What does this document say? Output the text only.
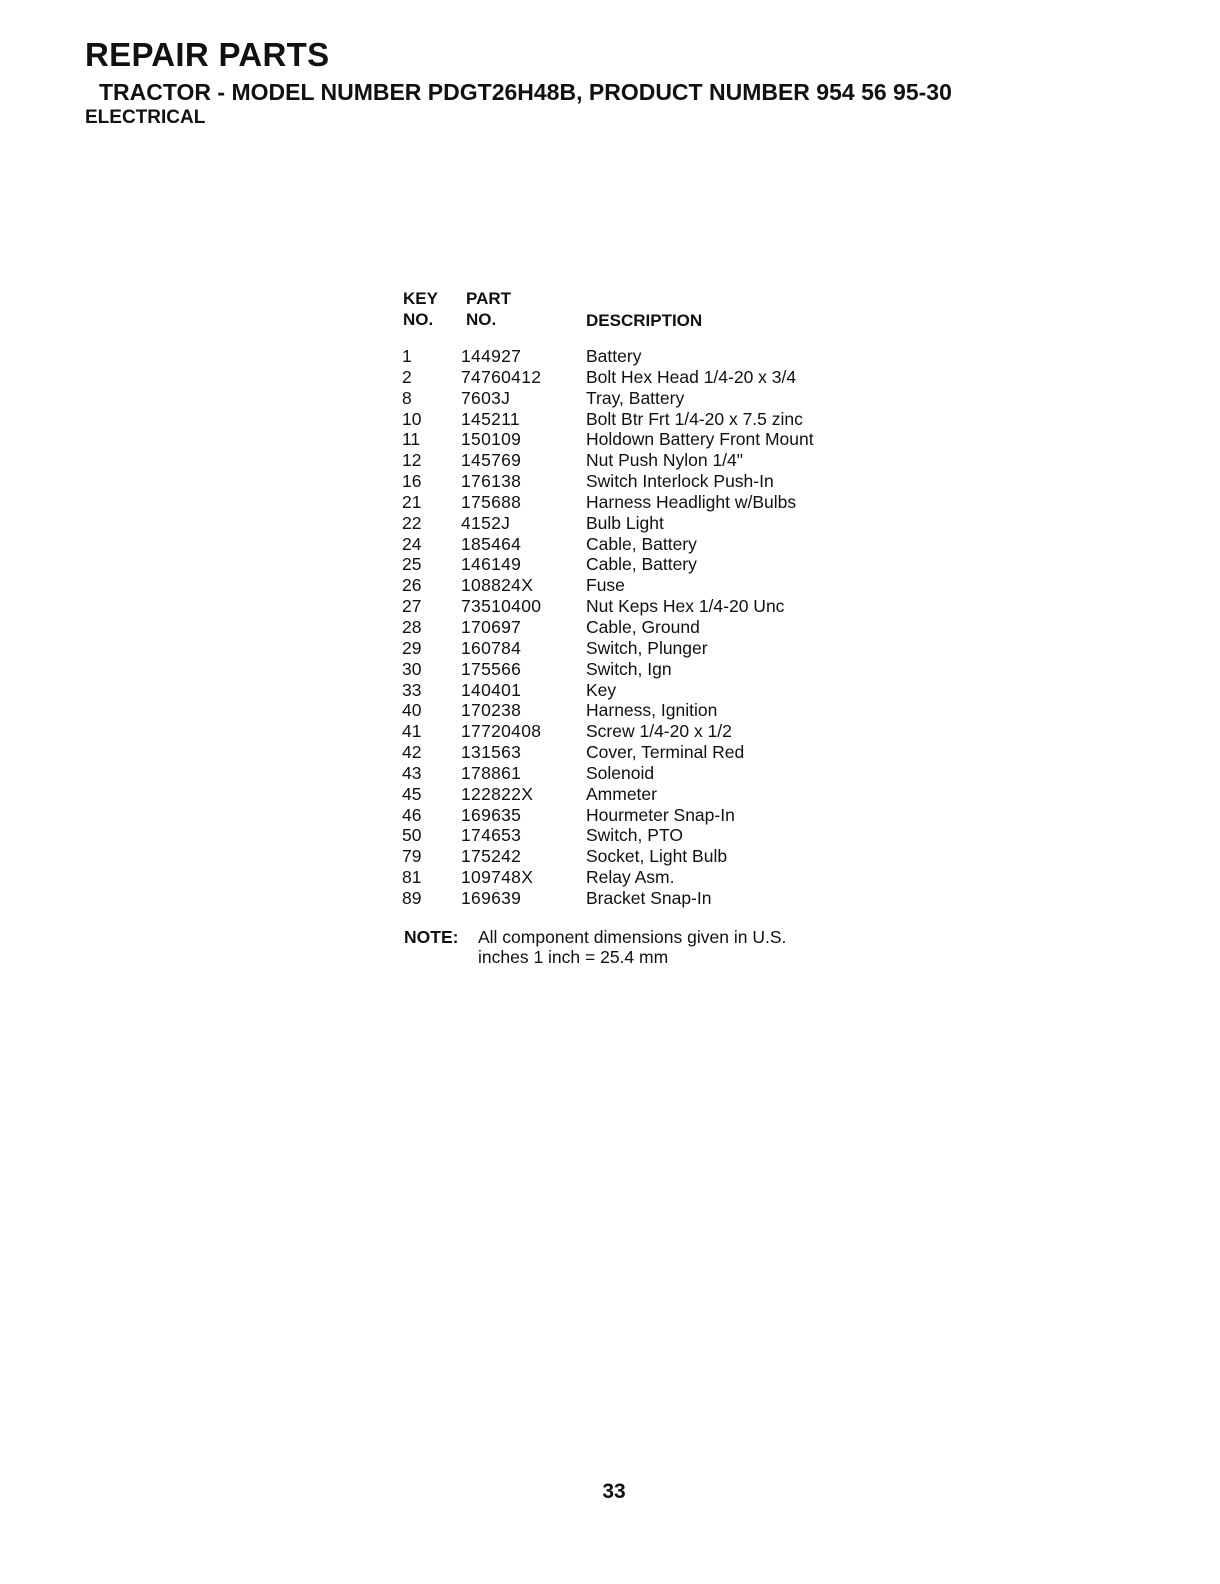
REPAIR PARTS
TRACTOR - MODEL NUMBER PDGT26H48B, PRODUCT NUMBER 954 56 95-30
ELECTRICAL
KEY
NO.
PART
NO.	DESCRIPTION
1	144927	Battery
2	74760412	Bolt Hex Head 1/4-20 x 3/4
8	7603J	Tray, Battery
10 145211	Bolt Btr Frt 1/4-20 x 7.5 zinc
11 150109	Holdown Battery Front Mount
12 145769	Nut Push Nylon 1/4"
16 176138	Switch Interlock Push-In
21 175688	Harness Headlight w/Bulbs
22 4152J	Bulb Light
24 185464	Cable, Battery
25 146149	Cable, Battery
26 108824X	Fuse
27 73510400	Nut Keps Hex 1/4-20 Unc
28 170697	Cable, Ground
29 160784	Switch, Plunger
30 175566	Switch, Ign
33 140401	Key
40 170238	Harness, Ignition
41 17720408	Screw 1/4-20 x 1/2
42 131563	Cover, Terminal Red
43 178861	Solenoid
45 122822X	Ammeter
46 169635	Hourmeter Snap-In
50 174653	Switch, PTO
79 175242	Socket, Light Bulb
81 109748X	Relay Asm.
89 169639	Bracket Snap-In
NOTE: All component dimensions given in U.S.
inches 1 inch = 25.4 mm
33
